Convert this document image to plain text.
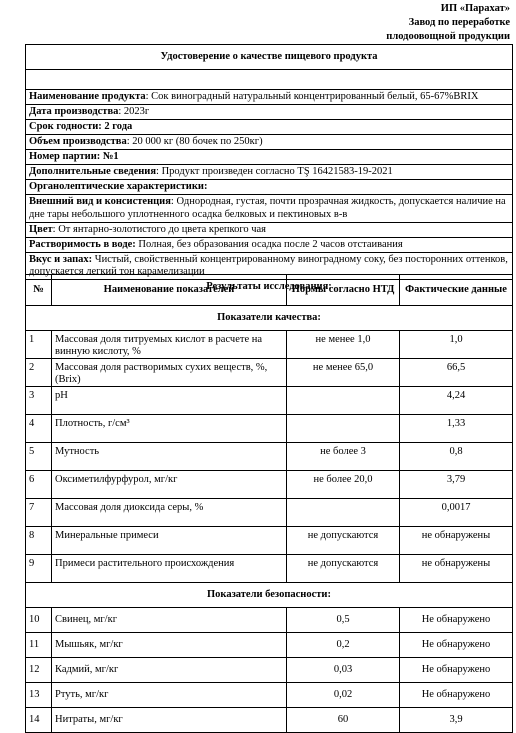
ИП «Парахат»
Завод по переработке
плодоовощной продукции
Удостоверение о качестве пищевого продукта

Наименование продукта: Сок виноградный натуральный концентрированный белый, 65-67%BRIX
Дата производства: 2023г
Срок годности: 2 года
Объем производства: 20 000 кг (80 бочек по 250кг)
Номер партии: №1
Дополнительные сведения: Продукт произведен согласно TŞ 16421583-19-2021
Органолептические характеристики:
Внешний вид и консистенция: Однородная, густая, почти прозрачная жидкость, допускается наличие на дне тары небольшого уплотненного осадка белковых и пектиновых в-в
Цвет: От янтарно-золотистого до цвета крепкого чая
Растворимость в воде: Полная, без образования осадка после 2 часов отстаивания
Вкус и запах: Чистый, свойственный концентрированному виноградному соку, без посторонних оттенков, допускается легкий тон карамелизации
Результаты исследования:
№	Наименование показателей	Нормы согласно НТД	Фактические данные
Показатели качества:			
1	Массовая доля титруемых кислот в расчете на винную кислоту, %	не менее 1,0	1,0
2	Массовая доля растворимых сухих веществ, %, (Brix)	не менее 65,0	66,5
3	pH		4,24
4	Плотность, г/см³		1,33
5	Мутность	не более 3	0,8
6	Оксиметилфурфурол, мг/кг	не более 20,0	3,79
7	Массовая доля диоксида серы, %		0,0017
8	Минеральные примеси	не допускаются	не обнаружены
9	Примеси растительного происхождения	не допускаются	не обнаружены
Показатели безопасности:			
10	Свинец, мг/кг	0,5	Не обнаружено
11	Мышьяк, мг/кг	0,2	Не обнаружено
12	Кадмий, мг/кг	0,03	Не обнаружено
13	Ртуть, мг/кг	0,02	Не обнаружено
14	Нитраты, мг/кг	60	3,9
